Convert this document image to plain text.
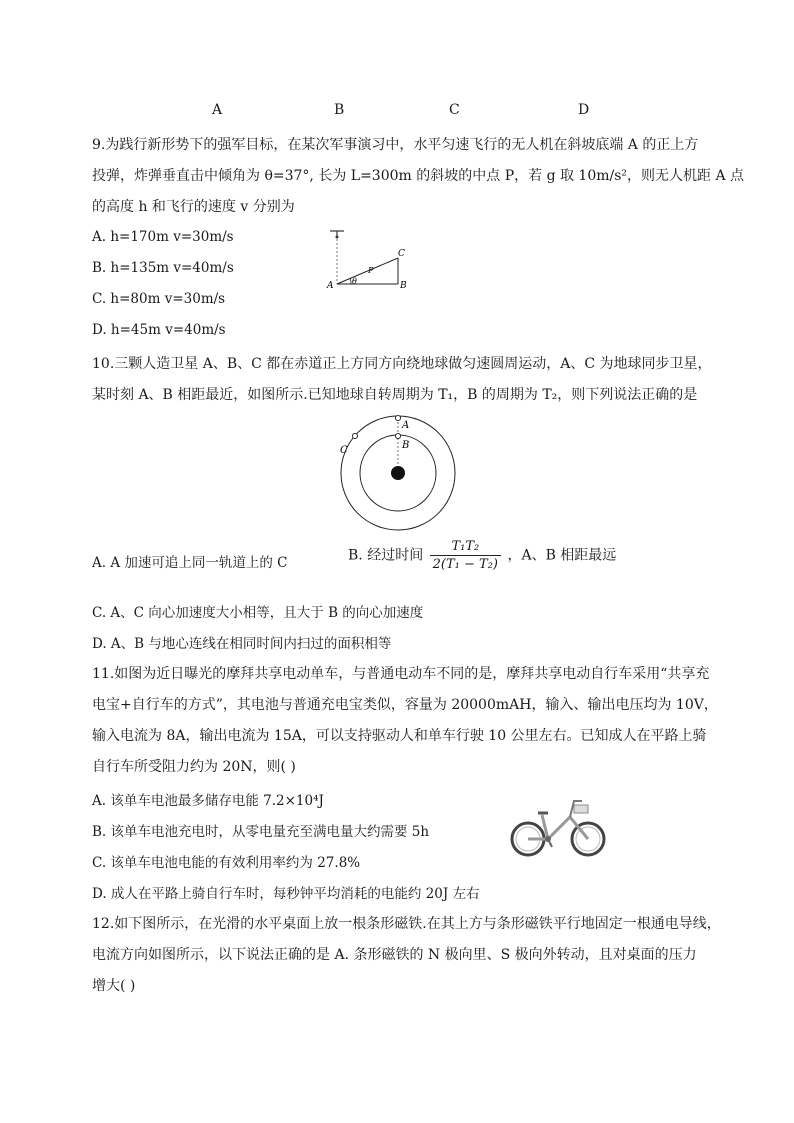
A	B	C	D
9.为践行新形势下的强军目标，在某次军事演习中，水平匀速飞行的无人机在斜坡底端 A 的正上方
投弹，炸弹垂直击中倾角为 θ=37°, 长为 L=300m 的斜坡的中点 P，若 g 取 10m/s²，则无人机距 A 点
的高度 h 和飞行的速度 v 分别为
A. h=170m v=30m/s
B. h=135m v=40m/s
C. h=80m v=30m/s
D. h=45m v=40m/s
A	B
C
P
θ
10.三颗人造卫星 A、B、C 都在赤道正上方同方向绕地球做匀速圆周运动，A、C 为地球同步卫星，
某时刻 A、B 相距最近，如图所示.已知地球自转周期为 T₁，B 的周期为 T₂，则下列说法正确的是
A
B
C
A. A 加速可追上同一轨道上的 C	B. 经过时间 $\frac{\text{T₁T₂}}{\text{2(T₁ − T₂)}}$ ，A、B 相距最远
C. A、C 向心加速度大小相等，且大于 B 的向心加速度
D. A、B 与地心连线在相同时间内扫过的面积相等
11.如图为近日曝光的摩拜共享电动单车，与普通电动车不同的是，摩拜共享电动自行车采用“共享充
电宝+自行车的方式”，其电池与普通充电宝类似，容量为 20000mAH，输入、输出电压均为 10V，
输入电流为 8A，输出电流为 15A，可以支持驱动人和单车行驶 10 公里左右。已知成人在平路上骑
自行车所受阻力约为 20N，则( )
A. 该单车电池最多储存电能 7.2×10⁴J
B. 该单车电池充电时，从零电量充至满电量大约需要 5h
C. 该单车电池电能的有效利用率约为 27.8%
D. 成人在平路上骑自行车时，每秒钟平均消耗的电能约 20J 左右
12.如下图所示，在光滑的水平桌面上放一根条形磁铁.在其上方与条形磁铁平行地固定一根通电导线，
电流方向如图所示，以下说法正确的是 A. 条形磁铁的 N 极向里、S 极向外转动，且对桌面的压力
增大( )
